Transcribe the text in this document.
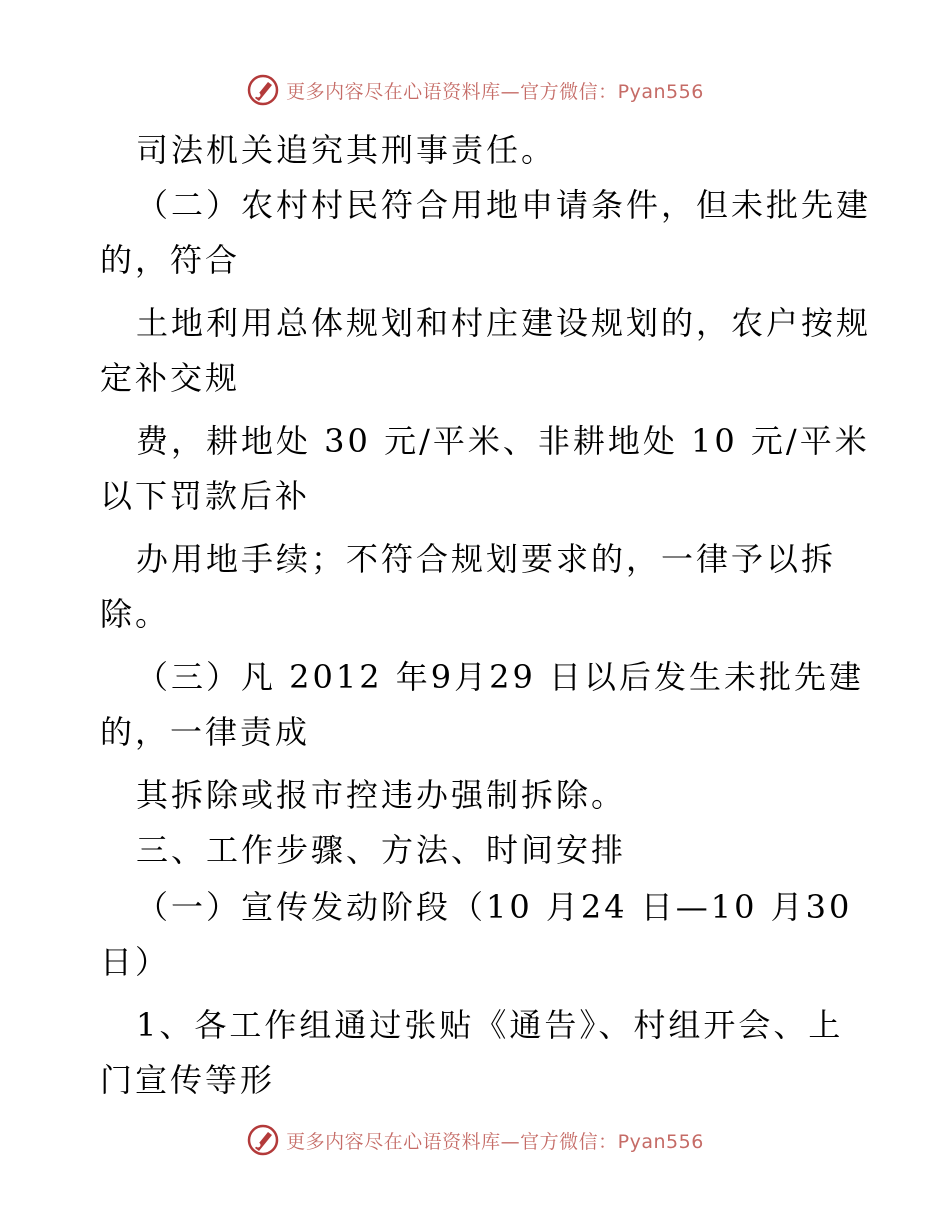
更多内容尽在心语资料库—官方微信：Pyan556
司法机关追究其刑事责任。
（二）农村村民符合用地申请条件，但未批先建
的，符合
土地利用总体规划和村庄建设规划的，农户按规
定补交规
费，耕地处 30 元/平米、非耕地处 10 元/平米
以下罚款后补
办用地手续；不符合规划要求的，一律予以拆
除。
（三）凡 2012 年9月29 日以后发生未批先建
的，一律责成
其拆除或报市控违办强制拆除。
三、工作步骤、方法、时间安排
（一）宣传发动阶段（10 月24 日—10 月30
日）
1、各工作组通过张贴《通告》、村组开会、上
门宣传等形
更多内容尽在心语资料库—官方微信：Pyan556
